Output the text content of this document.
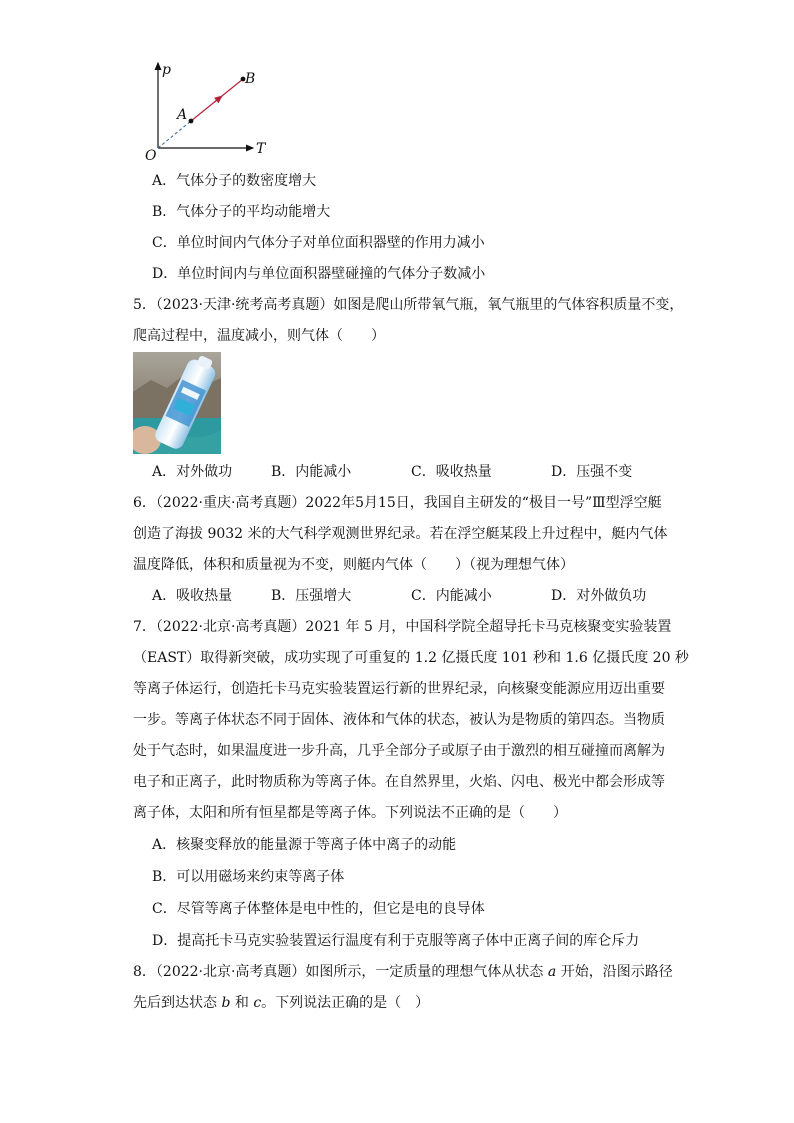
p
T
O
A
B
A．气体分子的数密度增大
B．气体分子的平均动能增大
C．单位时间内气体分子对单位面积器壁的作用力减小
D．单位时间内与单位面积器壁碰撞的气体分子数减小
5．（2023·天津·统考高考真题）如图是爬山所带氧气瓶，氧气瓶里的气体容积质量不变，
爬高过程中，温度减小，则气体（　　）
A．对外做功	B．内能减小	C．吸收热量	D．压强不变
6．（2022·重庆·高考真题）2022年5月15日，我国自主研发的“极目一号”Ⅲ型浮空艇
创造了海拔 9032 米的大气科学观测世界纪录。若在浮空艇某段上升过程中，艇内气体
温度降低，体积和质量视为不变，则艇内气体（　　）（视为理想气体）
A．吸收热量	B．压强增大	C．内能减小	D．对外做负功
7．（2022·北京·高考真题）2021 年 5 月，中国科学院全超导托卡马克核聚变实验装置
（EAST）取得新突破，成功实现了可重复的 1.2 亿摄氏度 101 秒和 1.6 亿摄氏度 20 秒
等离子体运行，创造托卡马克实验装置运行新的世界纪录，向核聚变能源应用迈出重要
一步。等离子体状态不同于固体、液体和气体的状态，被认为是物质的第四态。当物质
处于气态时，如果温度进一步升高，几乎全部分子或原子由于激烈的相互碰撞而离解为
电子和正离子，此时物质称为等离子体。在自然界里，火焰、闪电、极光中都会形成等
离子体，太阳和所有恒星都是等离子体。下列说法不正确的是（　　）
A．核聚变释放的能量源于等离子体中离子的动能
B．可以用磁场来约束等离子体
C．尽管等离子体整体是电中性的，但它是电的良导体
D．提高托卡马克实验装置运行温度有利于克服等离子体中正离子间的库仑斥力
8．（2022·北京·高考真题）如图所示，一定质量的理想气体从状态 a 开始，沿图示路径
先后到达状态 b 和 c。下列说法正确的是（　）
